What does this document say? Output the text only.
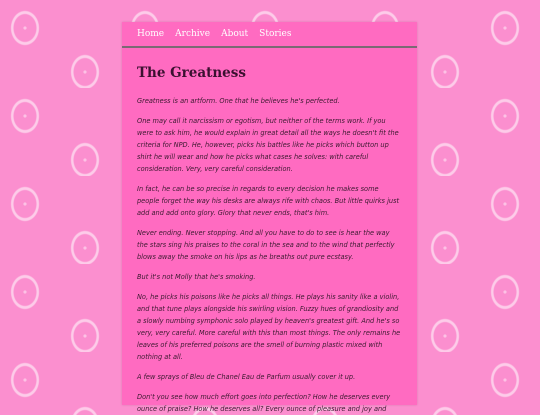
Home Archive About Stories
The Greatness

Greatness is an artform. One that he believes he's perfected.

One may call it narcissism or egotism, but neither of the terms work. If you were to ask him, he would explain in great detail all the ways he doesn't fit the criteria for NPD. He, however, picks his battles like he picks which button up shirt he will wear and how he picks what cases he solves: with careful consideration. Very, very careful consideration.

In fact, he can be so precise in regards to every decision he makes some people forget the way his desks are always rife with chaos. But little quirks just add and add onto glory. Glory that never ends, that's him.

Never ending. Never stopping. And all you have to do to see is hear the way the stars sing his praises to the coral in the sea and to the wind that perfectly blows away the smoke on his lips as he breaths out pure ecstasy.

But it's not Molly that he's smoking.

No, he picks his poisons like he picks all things. He plays his sanity like a violin, and that tune plays alongside his swirling vision. Fuzzy hues of grandiosity and a slowly numbing symphonic solo played by heaven's greatest gift. And he's so very, very careful. More careful with this than most things. The only remains he leaves of his preferred poisons are the smell of burning plastic mixed with nothing at all.

A few sprays of Bleu de Chanel Eau de Parfum usually cover it up.

Don't you see how much effort goes into perfection? How he deserves every ounce of praise? How he deserves all? Every ounce of pleasure and joy and
